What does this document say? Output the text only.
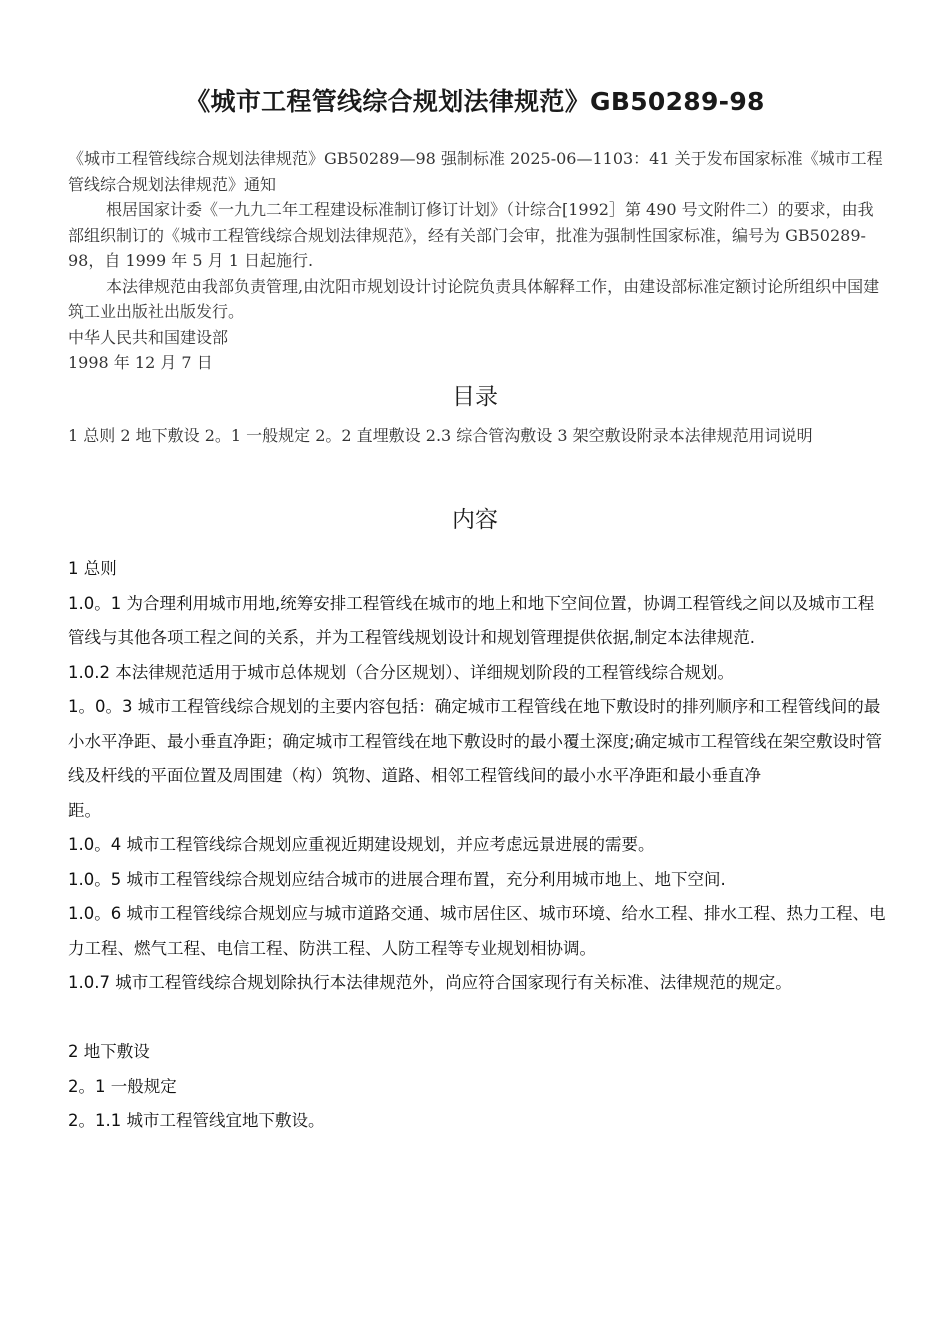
《城市工程管线综合规划法律规范》GB50289-98

《城市工程管线综合规划法律规范》GB50289—98 强制标准 2025-06—1103：41 关于发布国家标准《城市工程管线综合规划法律规范》通知

根居国家计委《一九九二年工程建设标准制订修订计划》（计综合[1992］第 490 号文附件二）的要求，由我部组织制订的《城市工程管线综合规划法律规范》，经有关部门会审，批准为强制性国家标准，编号为 GB50289-98，自 1999 年 5 月 1 日起施行.

本法律规范由我部负责管理,由沈阳市规划设计讨论院负责具体解释工作，由建设部标准定额讨论所组织中国建筑工业出版社出版发行。

中华人民共和国建设部

1998 年 12 月 7 日

目录
1 总则 2 地下敷设 2。1 一般规定 2。2 直埋敷设 2.3 综合管沟敷设 3 架空敷设附录本法律规范用词说明
内容

1 总则

1.0。1 为合理利用城市用地,统筹安排工程管线在城市的地上和地下空间位置，协调工程管线之间以及城市工程管线与其他各项工程之间的关系，并为工程管线规划设计和规划管理提供依据,制定本法律规范.

1.0.2 本法律规范适用于城市总体规划（合分区规划）、详细规划阶段的工程管线综合规划。

1。0。3 城市工程管线综合规划的主要内容包括：确定城市工程管线在地下敷设时的排列顺序和工程管线间的最小水平净距、最小垂直净距；确定城市工程管线在地下敷设时的最小覆土深度;确定城市工程管线在架空敷设时管线及杆线的平面位置及周围建（构）筑物、道路、相邻工程管线间的最小水平净距和最小垂直净

距。

1.0。4 城市工程管线综合规划应重视近期建设规划，并应考虑远景进展的需要。

1.0。5 城市工程管线综合规划应结合城市的进展合理布置，充分利用城市地上、地下空间.

1.0。6 城市工程管线综合规划应与城市道路交通、城市居住区、城市环境、给水工程、排水工程、热力工程、电力工程、燃气工程、电信工程、防洪工程、人防工程等专业规划相协调。

1.0.7 城市工程管线综合规划除执行本法律规范外，尚应符合国家现行有关标准、法律规范的规定。

2 地下敷设

2。1 一般规定

2。1.1 城市工程管线宜地下敷设。
